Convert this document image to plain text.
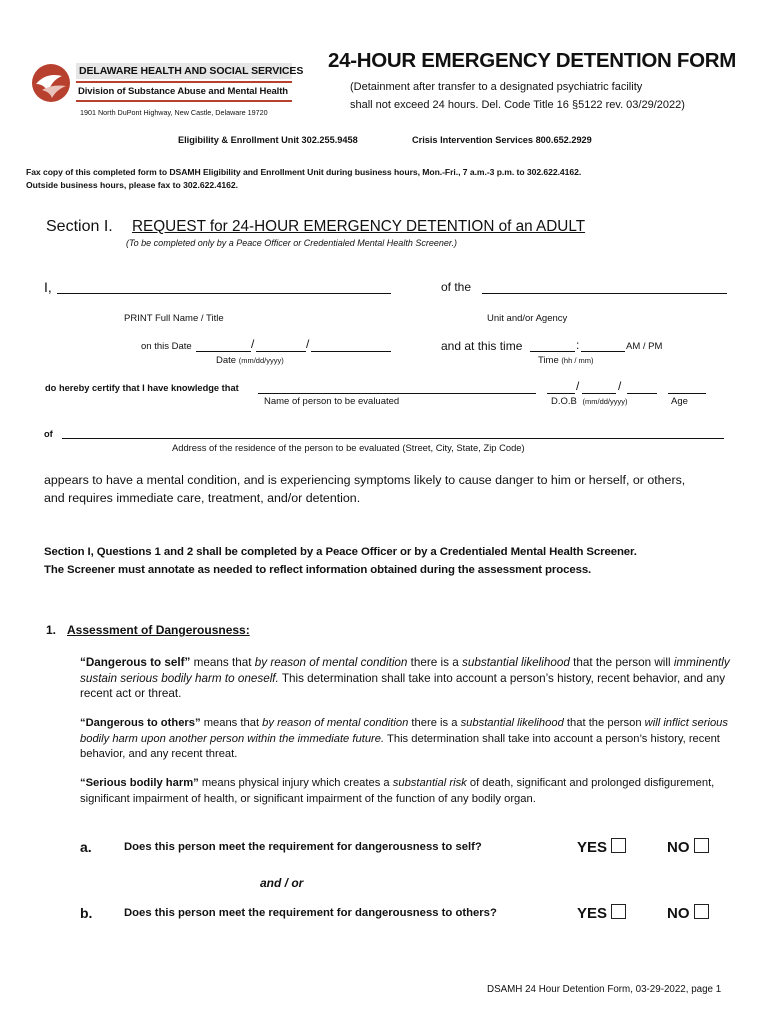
DELAWARE HEALTH AND SOCIAL SERVICES
Division of Substance Abuse and Mental Health
1901 North DuPont Highway, New Castle, Delaware 19720
24-HOUR EMERGENCY DETENTION FORM
(Detainment after transfer to a designated psychiatric facility
shall not exceed 24 hours. Del. Code Title 16 §5122 rev. 03/29/2022)
Eligibility & Enrollment Unit 302.255.9458	Crisis Intervention Services 800.652.2929
Fax copy of this completed form to DSAMH Eligibility and Enrollment Unit during business hours, Mon.-Fri., 7 a.m.-3 p.m. to 302.622.4162.
Outside business hours, please fax to 302.622.4162.
Section I. REQUEST for 24-HOUR EMERGENCY DETENTION of an ADULT
(To be completed only by a Peace Officer or Credentialed Mental Health Screener.)
I,	of the
PRINT Full Name / Title	Unit and/or Agency
on this Date	/	/
Date (mm/dd/yyyy)
and at this time	:	AM / PM
Time (hh / mm)
do hereby certify that I have knowledge that
Name of person to be evaluated
/	/
D.O.B (mm/dd/yyyy)	Age
of
Address of the residence of the person to be evaluated (Street, City, State, Zip Code)
appears to have a mental condition, and is experiencing symptoms likely to cause danger to him or herself, or others,
and requires immediate care, treatment, and/or detention.
Section I, Questions 1 and 2 shall be completed by a Peace Officer or by a Credentialed Mental Health Screener.
The Screener must annotate as needed to reflect information obtained during the assessment process.
1. Assessment of Dangerousness:
“Dangerous to self” means that by reason of mental condition there is a substantial likelihood that the person will imminently sustain serious bodily harm to oneself. This determination shall take into account a person’s history, recent behavior, and any recent act or threat.
“Dangerous to others” means that by reason of mental condition there is a substantial likelihood that the person will inflict serious bodily harm upon another person within the immediate future. This determination shall take into account a person’s history, recent behavior, and any recent threat.
“Serious bodily harm” means physical injury which creates a substantial risk of death, significant and prolonged disfigurement, significant impairment of health, or significant impairment of the function of any bodily organ.
a.	Does this person meet the requirement for dangerousness to self?	YES	NO
and / or
b.	Does this person meet the requirement for dangerousness to others?	YES	NO
DSAMH 24 Hour Detention Form, 03-29-2022, page 1
